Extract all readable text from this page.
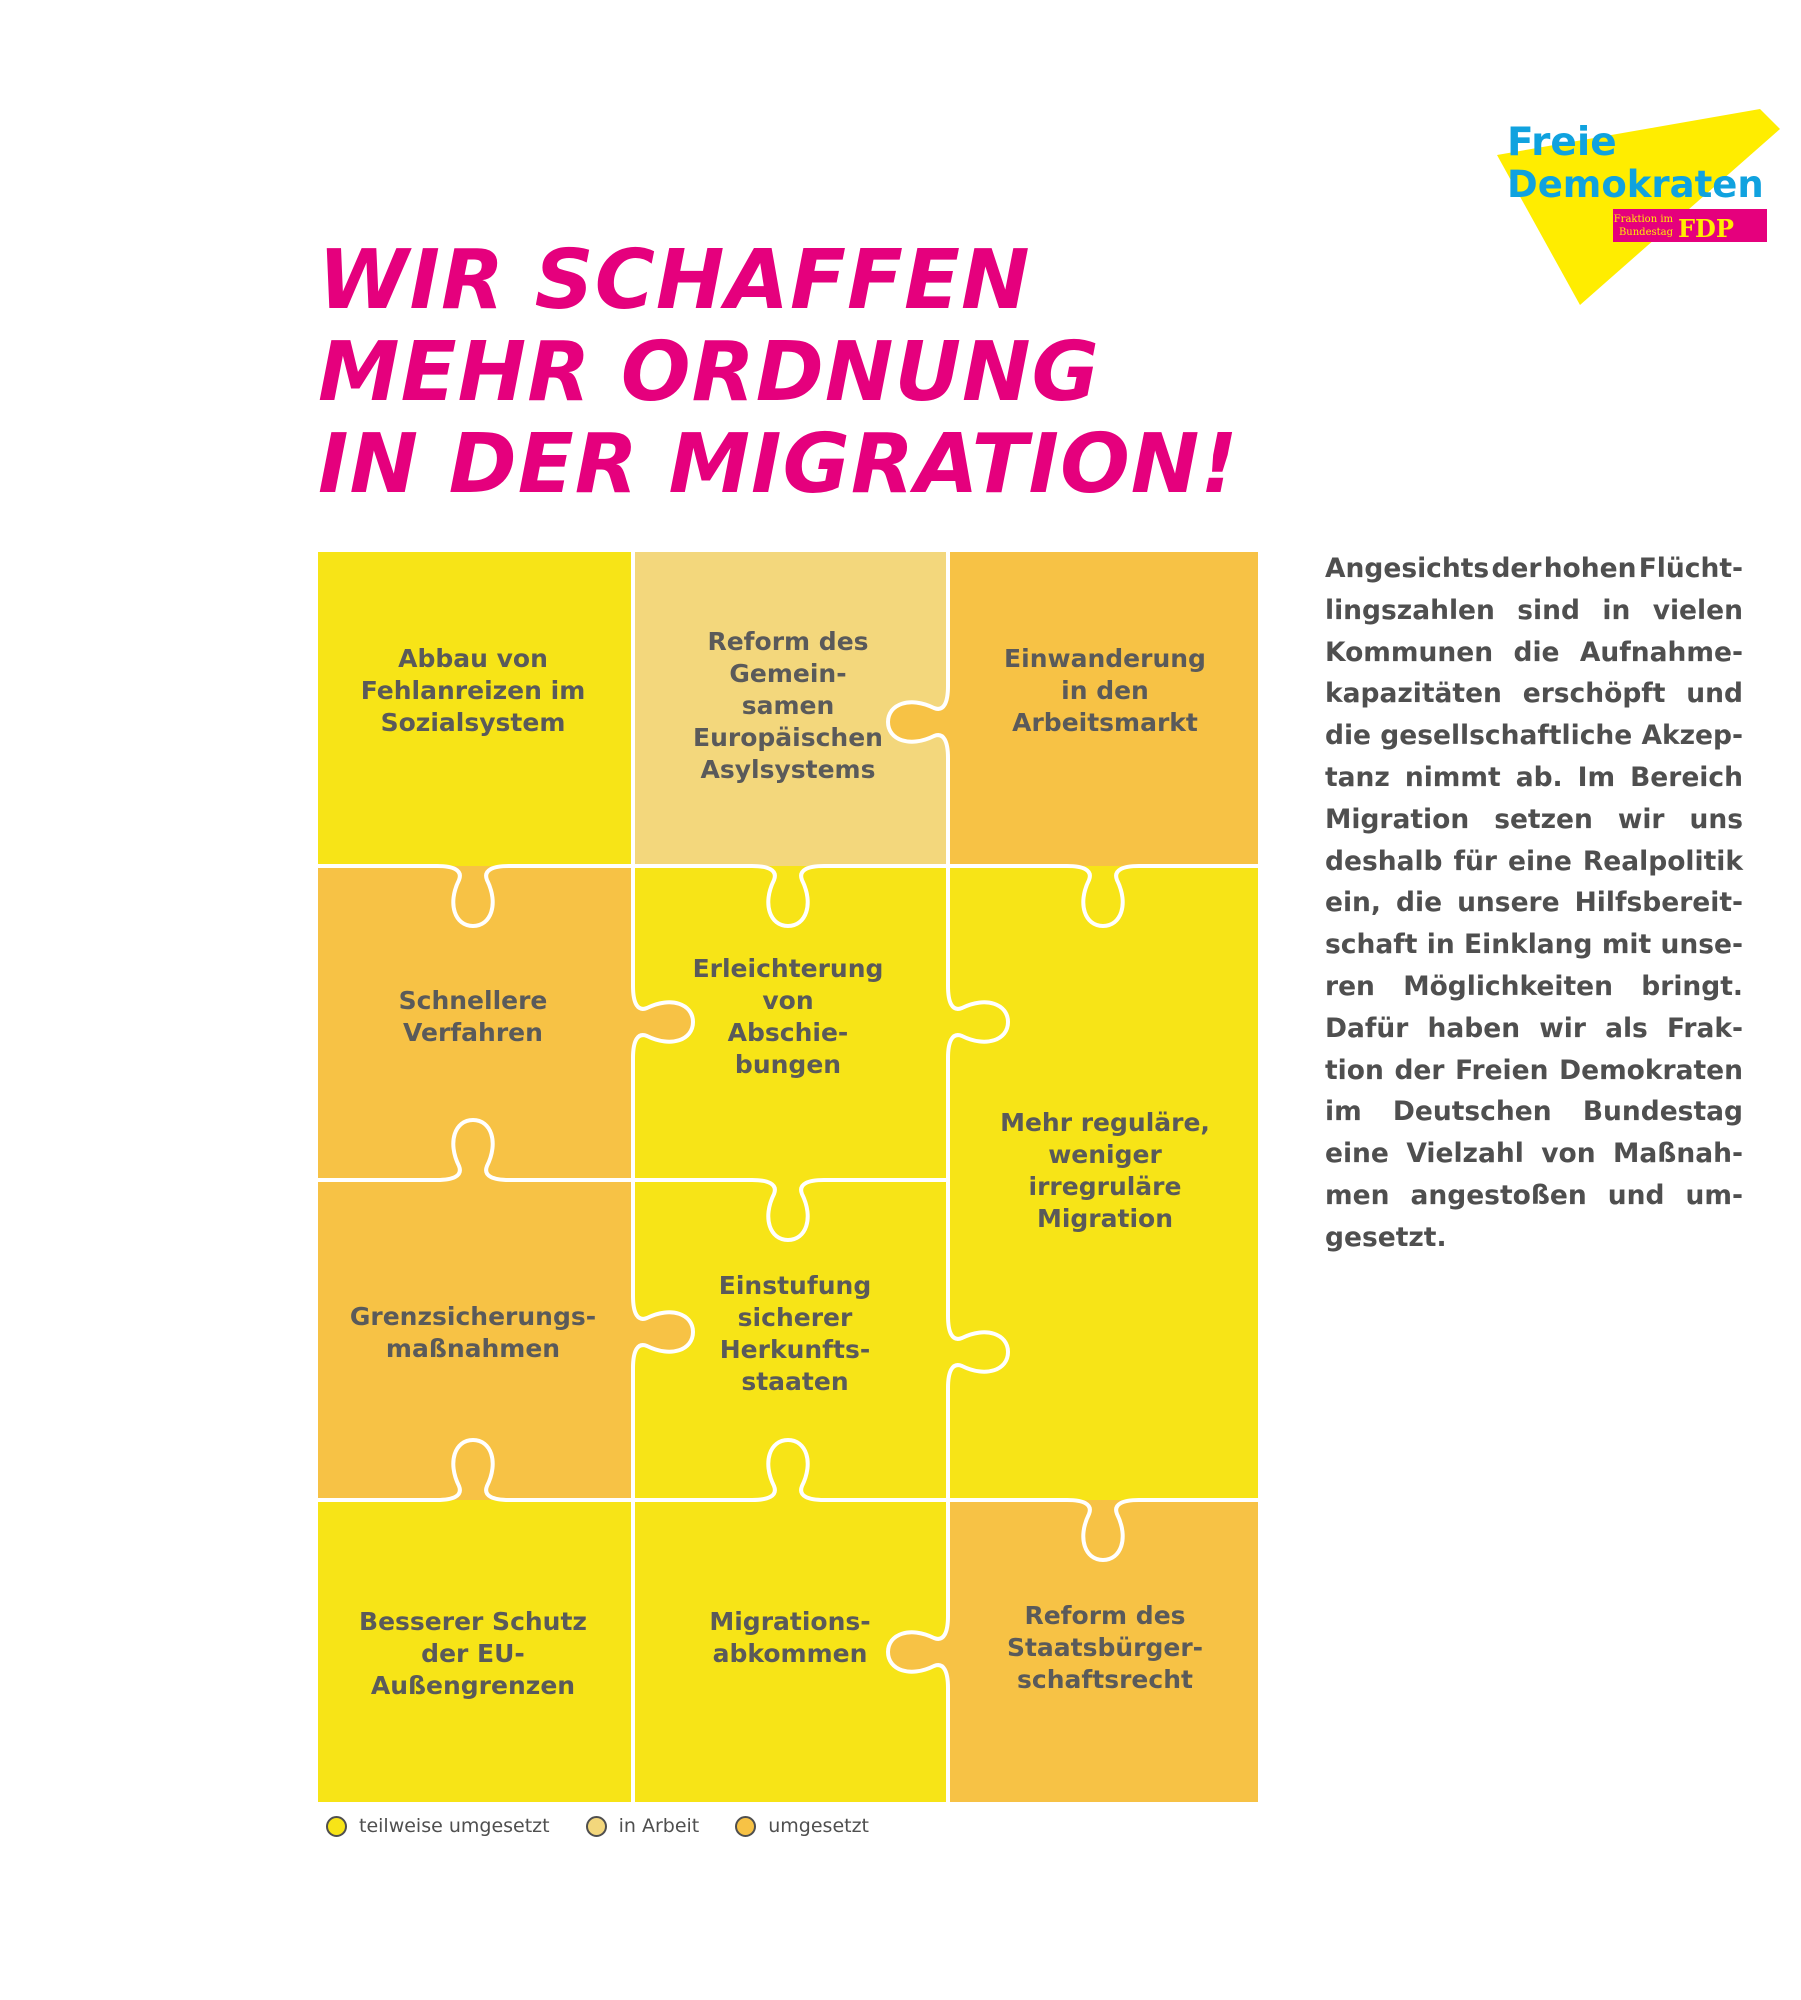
Freie
Demokraten
Fraktion im
Bundestag FDP
WIR SCHAFFEN
MEHR ORDNUNG
IN DER MIGRATION!
Abbau von
Fehlanreizen im
Sozialsystem
Reform des
Gemein-
samen
Europäischen
Asylsystems
Einwanderung
in den
Arbeitsmarkt
Schnellere
Verfahren
Erleichterung
von
Abschie-
bungen
Mehr reguläre,
weniger
irregruläre
Migration
Grenzsicherungs-
maßnahmen
Einstufung
sicherer
Herkunfts-
staaten
Besserer Schutz
der EU-
Außengrenzen
Migrations-
abkommen
Reform des
Staatsbürger-
schaftsrecht

Angesichts der hohen Flücht-
lingszahlen sind in vielen
Kommunen die Aufnahme-
kapazitäten erschöpft und
die gesellschaftliche Akzep-
tanz nimmt ab. Im Bereich
Migration setzen wir uns
deshalb für eine Realpolitik
ein, die unsere Hilfsbereit-
schaft in Einklang mit unse-
ren Möglichkeiten bringt.
Dafür haben wir als Frak-
tion der Freien Demokraten
im Deutschen Bundestag
eine Vielzahl von Maßnah-
men angestoßen und um-
gesetzt.

teilweise umgesetzt	in Arbeit	umgesetzt
